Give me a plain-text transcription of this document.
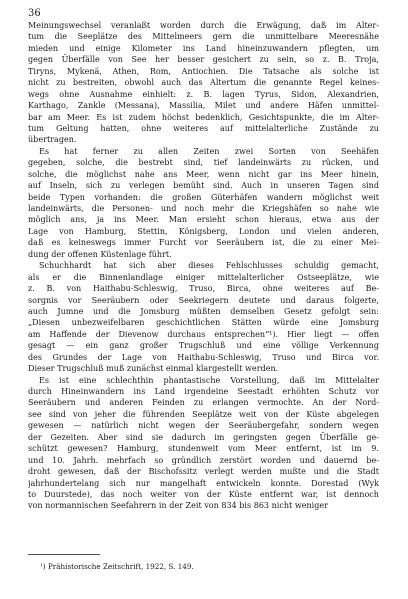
36
Meinungswechsel veranlaßt worden durch die Erwägung, daß im Alter-
tum die Seeplätze des Mittelmeers gern die unmittelbare Meeresnähe
mieden und einige Kilometer ins Land hineinzuwandern pflegten, um
gegen Überfälle von See her besser gesichert zu sein, so z. B. Troja,
Tiryns, Mykenä, Athen, Rom, Antiochien. Die Tatsache als solche ist
nicht zu bestreiten, obwohl auch das Altertum die genannte Regel keines-
wegs ohne Ausnahme einhielt: z. B. lagen Tyrus, Sidon, Alexandrien,
Karthago, Zankle (Messana), Massilia, Milet und andere Häfen unmittel-
bar am Meer. Es ist zudem höchst bedenklich, Gesichtspunkte, die im Alter-
tum Geltung hatten, ohne weiteres auf mittelalterliche Zustände zu
übertragen.
Es hat ferner zu allen Zeiten zwei Sorten von Seehäfen
gegeben, solche, die bestrebt sind, tief landeinwärts zu rücken, und
solche, die möglichst nahe ans Meer, wenn nicht gar ins Meer hinein,
auf Inseln, sich zu verlegen bemüht sind. Auch in unseren Tagen sind
beide Typen vorhanden: die großen Güterhäfen wandern möglichst weit
landeinwärts, die Personen- und noch mehr die Kriegshäfen so nahe wie
möglich ans, ja ins Meer. Man ersieht schon hieraus, etwa aus der
Lage von Hamburg, Stettin, Königsberg, London und vielen anderen,
daß es keineswegs immer Furcht vor Seeräubern ist, die zu einer Mei-
dung der offenen Küstenlage führt.
Schuchhardt hat sich aber dieses Fehlschlusses schuldig gemacht,
als er die Binnenlandlage einiger mittelalterlicher Ostseeplätze, wie
z. B. von Haithabu-Schleswig, Truso, Birca, ohne weiteres auf Be-
sorgnis vor Seeräubern oder Seekriegern deutete und daraus folgerte,
auch Jumne und die Jomsburg müßten demselben Gesetz gefolgt sein:
„Diesen unbezweifelbaren geschichtlichen Stätten würde eine Jomsburg
am Haffende der Dievenow durchaus entsprechen“¹). Hier liegt — offen
gesagt — ein ganz großer Trugschluß und eine völlige Verkennung
des Grundes der Lage von Haithabu-Schleswig, Truso und Birca vor.
Dieser Trugschluß muß zunächst einmal klargestellt werden.
Es ist eine schlechthin phantastische Vorstellung, daß im Mittelalter
durch Hineinwandern ins Land irgendeine Seestadt erhöhten Schutz vor
Seeräubern und anderen Feinden zu erlangen vermochte. An der Nord-
see sind von jeher die führenden Seeplätze weit von der Küste abgelegen
gewesen — natürlich nicht wegen der Seeräubergefahr, sondern wegen
der Gezeiten. Aber sind sie dadurch im geringsten gegen Überfälle ge-
schützt gewesen? Hamburg, stundenweit vom Meer entfernt, ist im 9.
und 10. Jahrh. mehrfach so gründlich zerstört worden und dauernd be-
droht gewesen, daß der Bischofssitz verlegt werden mußte und die Stadt
jahrhundertelang sich nur mangelhaft entwickeln konnte. Dorestad (Wyk
to Duurstede), das noch weiter von der Küste entfernt war, ist dennoch
von normannischen Seefahrern in der Zeit von 834 bis 863 nicht weniger
¹) Prähistorische Zeitschrift, 1922, S. 149.
